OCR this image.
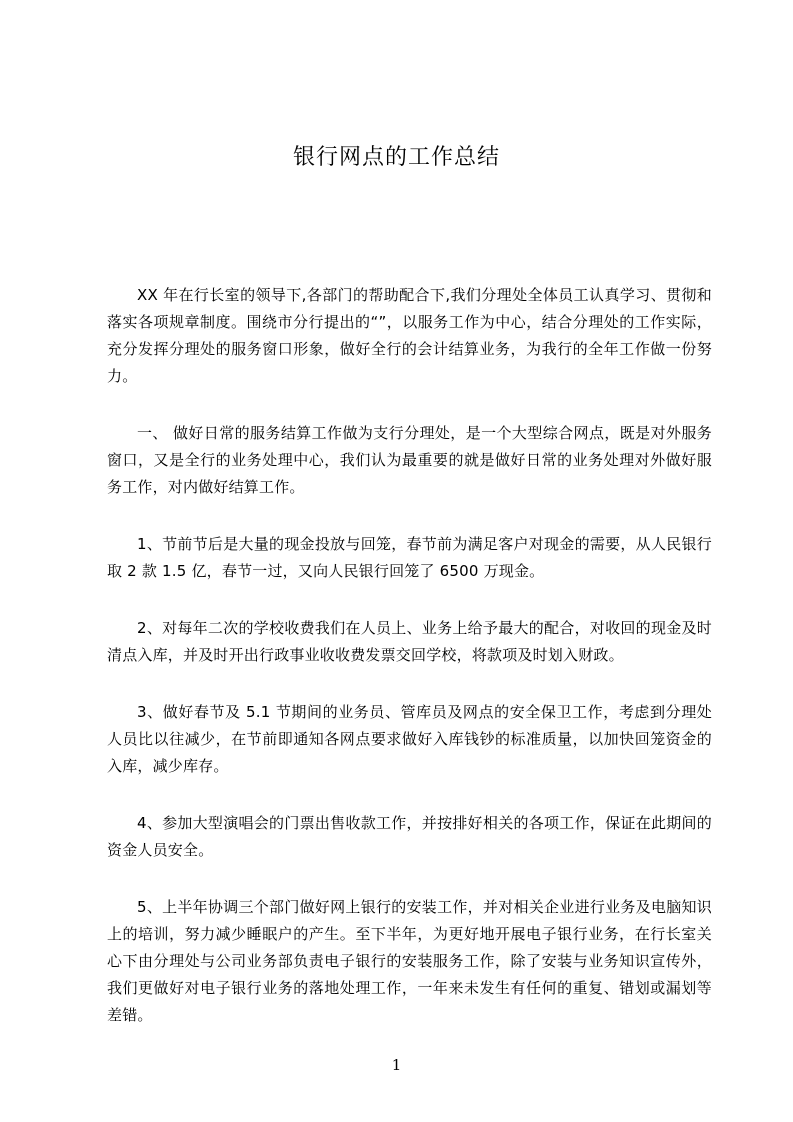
银行网点的工作总结

XX 年在行长室的领导下,各部门的帮助配合下,我们分理处全体员工认真学习、贯彻和落实各项规章制度。围绕市分行提出的“”，以服务工作为中心，结合分理处的工作实际，充分发挥分理处的服务窗口形象，做好全行的会计结算业务，为我行的全年工作做一份努力。

一、 做好日常的服务结算工作做为支行分理处，是一个大型综合网点，既是对外服务窗口，又是全行的业务处理中心，我们认为最重要的就是做好日常的业务处理对外做好服务工作，对内做好结算工作。

1、节前节后是大量的现金投放与回笼，春节前为满足客户对现金的需要，从人民银行取 2 款 1.5 亿，春节一过，又向人民银行回笼了 6500 万现金。

2、对每年二次的学校收费我们在人员上、业务上给予最大的配合，对收回的现金及时清点入库，并及时开出行政事业收收费发票交回学校，将款项及时划入财政。

3、做好春节及 5.1 节期间的业务员、管库员及网点的安全保卫工作，考虑到分理处人员比以往减少，在节前即通知各网点要求做好入库钱钞的标准质量，以加快回笼资金的入库，减少库存。

4、参加大型演唱会的门票出售收款工作，并按排好相关的各项工作，保证在此期间的资金人员安全。

5、上半年协调三个部门做好网上银行的安装工作，并对相关企业进行业务及电脑知识上的培训，努力减少睡眠户的产生。至下半年，为更好地开展电子银行业务，在行长室关心下由分理处与公司业务部负责电子银行的安装服务工作，除了安装与业务知识宣传外，我们更做好对电子银行业务的落地处理工作，一年来未发生有任何的重复、错划或漏划等差错。

1
